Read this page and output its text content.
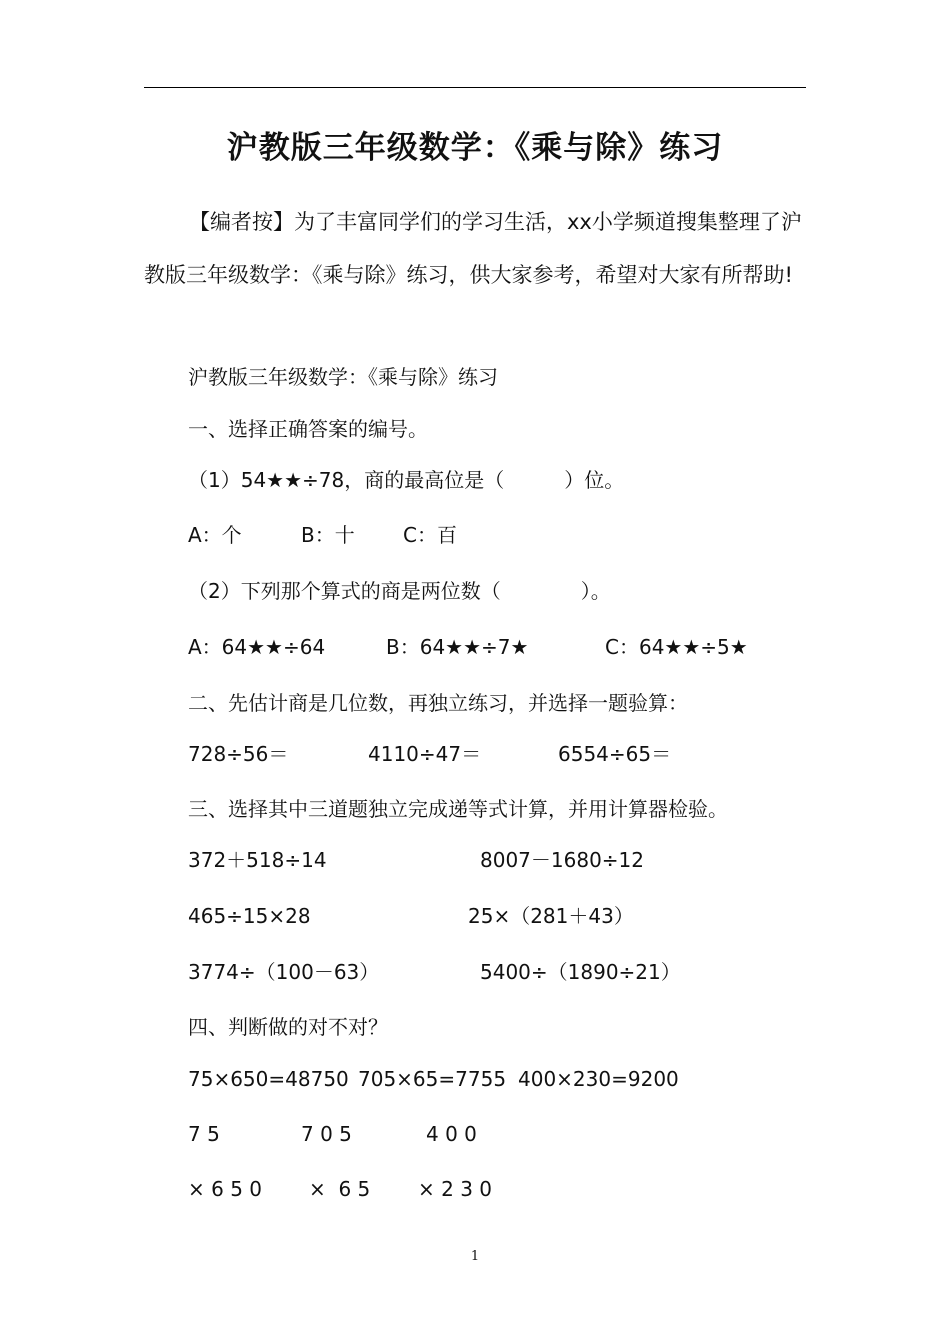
沪教版三年级数学：《乘与除》练习

【编者按】为了丰富同学们的学习生活，xx小学频道搜集整理了沪教版三年级数学：《乘与除》练习，供大家参考，希望对大家有所帮助!

沪教版三年级数学：《乘与除》练习

一、选择正确答案的编号。

（1）54★★÷78，商的最高位是（　　　）位。

A：个	B：十 C：百

（2）下列那个算式的商是两位数（　　　　）。

A：64★★÷64	B：64★★÷7★	C：64★★÷5★

二、先估计商是几位数，再独立练习，并选择一题验算：

728÷56＝	4110÷47＝	6554÷65＝

三、选择其中三道题独立完成递等式计算，并用计算器检验。

372＋518÷14	8007－1680÷12
465÷15×28	25×（281＋43）
3774÷（100－63）	5400÷（1890÷21）

四、判断做的对不对？

75×650=48750 705×65=7755 400×230=9200
7 5	7 0 5	4 0 0
× 6 5 0 ×  6 5 × 2 3 0
1
